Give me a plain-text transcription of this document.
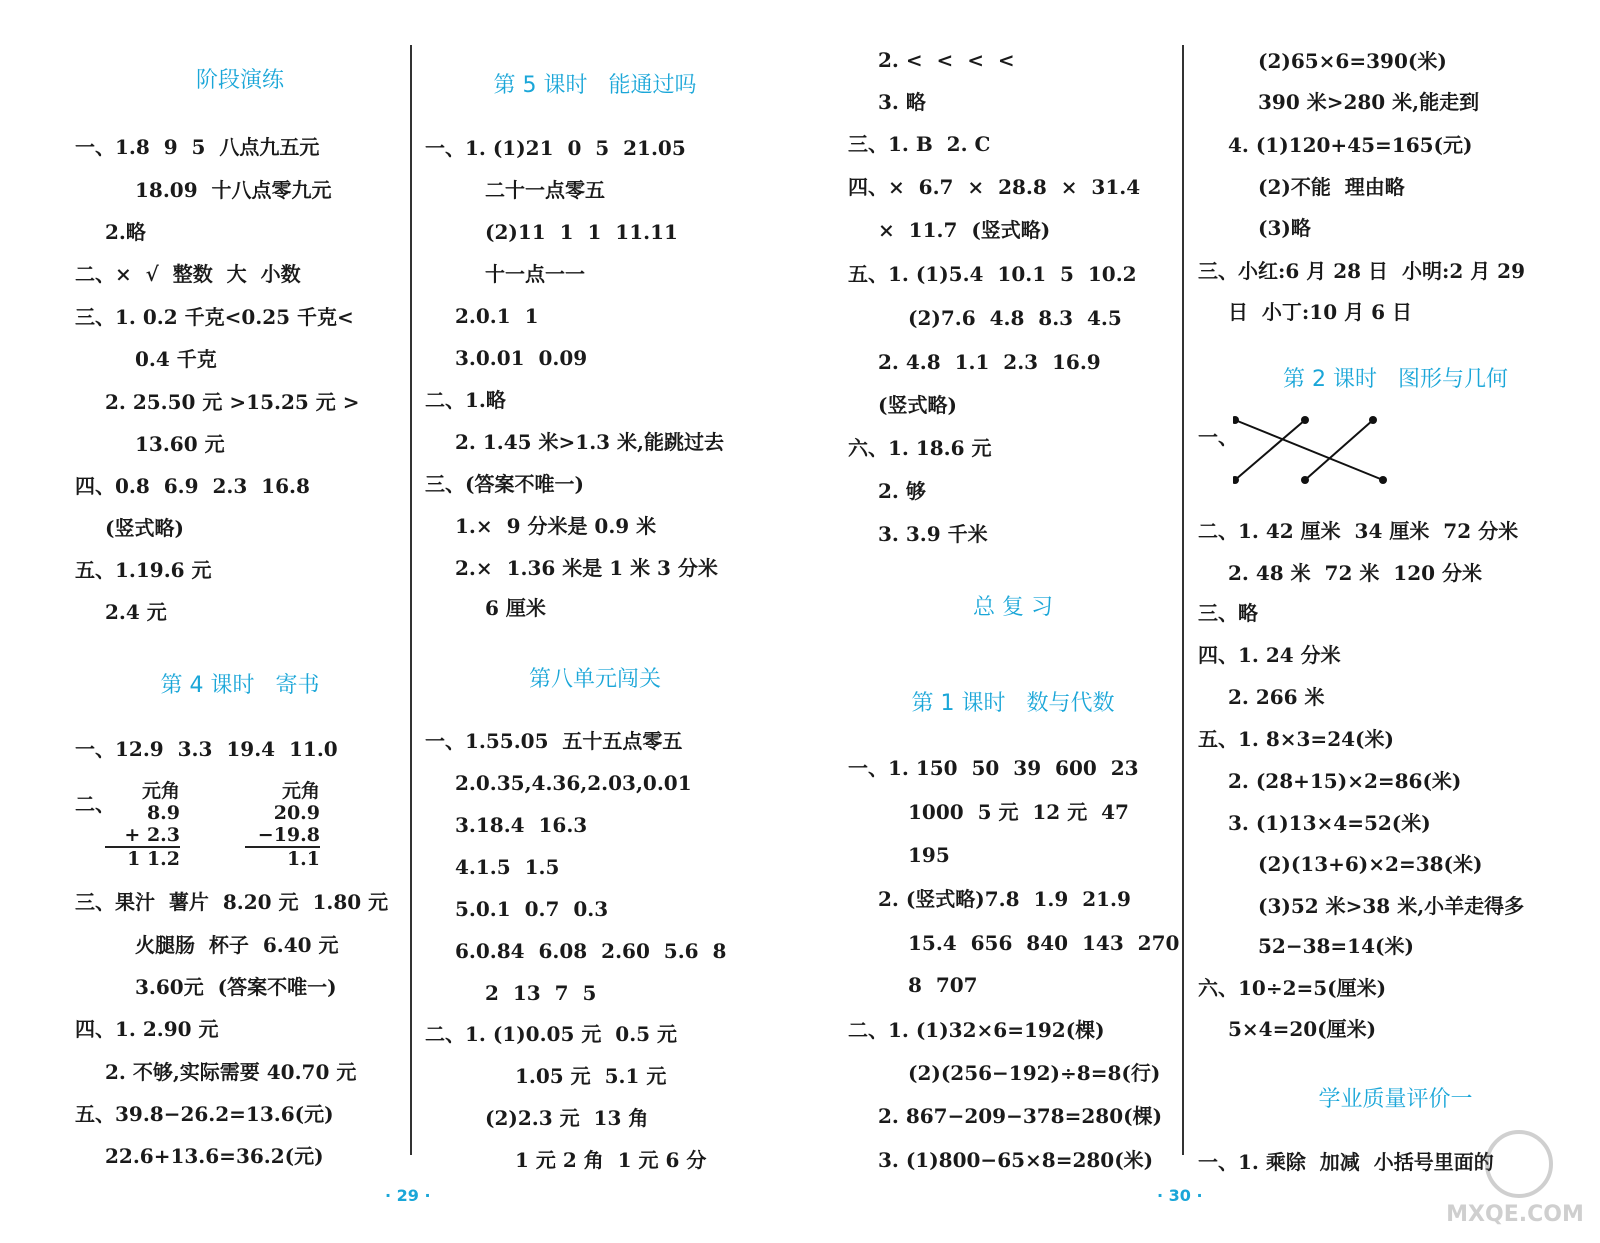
阶段演练
一、1.8  9  5  八点九五元
18.09  十八点零九元
2.略
二、×  √  整数  大  小数
三、1. 0.2 千克<0.25 千克<
0.4 千克
2. 25.50 元 >15.25 元 >
13.60 元
四、0.8  6.9  2.3  16.8
(竖式略)
五、1.19.6 元
2.4 元
第 4 课时   寄书
一、12.9  3.3  19.4  11.0
二、
元角
8.9
+ 2.3
1 1.2
元角
20.9
−19.8
1.1
三、果汁  薯片  8.20 元  1.80 元
火腿肠  杯子  6.40 元
3.60元  (答案不唯一)
四、1. 2.90 元
2. 不够,实际需要 40.70 元
五、39.8−26.2=13.6(元)
22.6+13.6=36.2(元)
第 5 课时   能通过吗
一、1. (1)21  0  5  21.05
二十一点零五
(2)11  1  1  11.11
十一点一一
2.0.1  1
3.0.01  0.09
二、1.略
2. 1.45 米>1.3 米,能跳过去
三、(答案不唯一)
1.×  9 分米是 0.9 米
2.×  1.36 米是 1 米 3 分米
6 厘米
第八单元闯关
一、1.55.05  五十五点零五
2.0.35,4.36,2.03,0.01
3.18.4  16.3
4.1.5  1.5
5.0.1  0.7  0.3
6.0.84  6.08  2.60  5.6  8
2  13  7  5
二、1. (1)0.05 元  0.5 元
1.05 元  5.1 元
(2)2.3 元  13 角
1 元 2 角  1 元 6 分
2. <  <  <  <
3. 略
三、1. B  2. C
四、×  6.7  ×  28.8  ×  31.4
×  11.7  (竖式略)
五、1. (1)5.4  10.1  5  10.2
(2)7.6  4.8  8.3  4.5
2. 4.8  1.1  2.3  16.9
(竖式略)
六、1. 18.6 元
2. 够
3. 3.9 千米
总 复 习
第 1 课时   数与代数
一、1. 150  50  39  600  23
1000  5 元  12 元  47
195
2. (竖式略)7.8  1.9  21.9
15.4  656  840  143  270
8  707
二、1. (1)32×6=192(棵)
(2)(256−192)÷8=8(行)
2. 867−209−378=280(棵)
3. (1)800−65×8=280(米)
(2)65×6=390(米)
390 米>280 米,能走到
4. (1)120+45=165(元)
(2)不能  理由略
(3)略
三、小红:6 月 28 日  小明:2 月 29
日  小丁:10 月 6 日
第 2 课时   图形与几何
一、
二、1. 42 厘米  34 厘米  72 分米
2. 48 米  72 米  120 分米
三、略
四、1. 24 分米
2. 266 米
五、1. 8×3=24(米)
2. (28+15)×2=86(米)
3. (1)13×4=52(米)
(2)(13+6)×2=38(米)
(3)52 米>38 米,小羊走得多
52−38=14(米)
六、10÷2=5(厘米)
5×4=20(厘米)
学业质量评价一
一、1. 乘除  加减  小括号里面的
· 29 ·	· 30 ·
MXQE.COM
